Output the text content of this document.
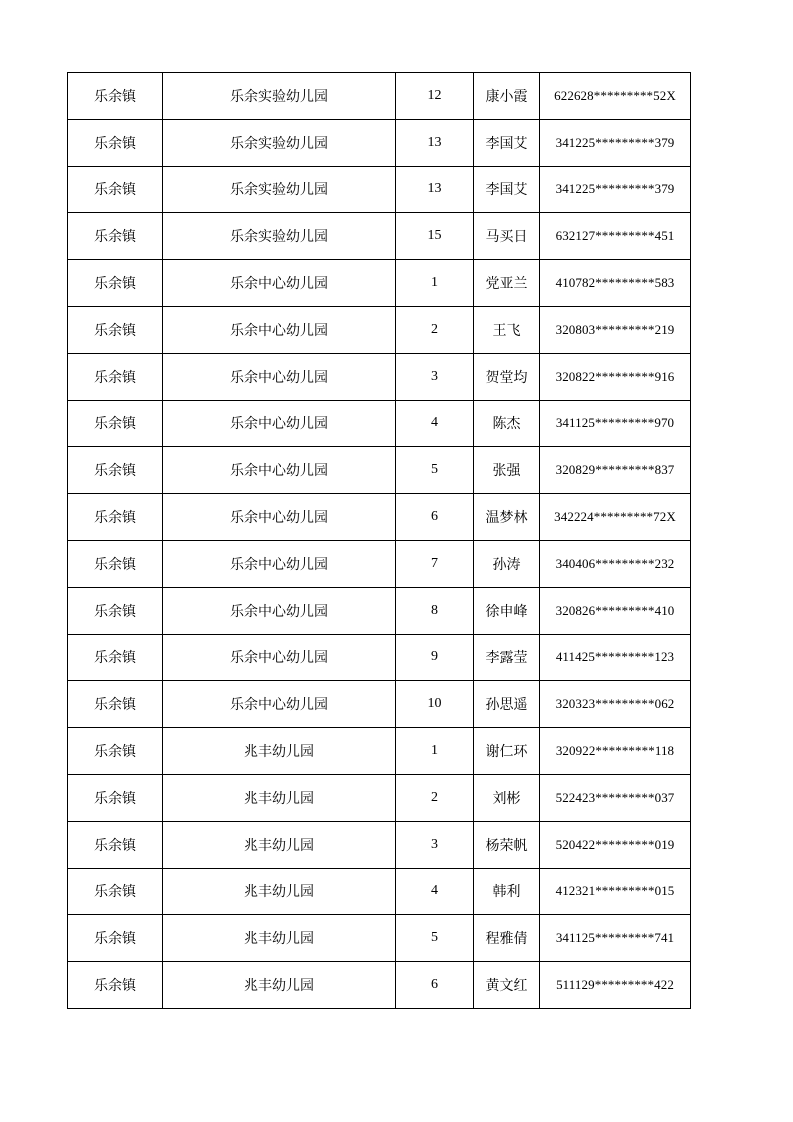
乐余镇	乐余实验幼儿园	12	康小霞	622628*********52X
乐余镇	乐余实验幼儿园	13	李国艾	341225*********379
乐余镇	乐余实验幼儿园	13	李国艾	341225*********379
乐余镇	乐余实验幼儿园	15	马买日	632127*********451
乐余镇	乐余中心幼儿园	1	党亚兰	410782*********583
乐余镇	乐余中心幼儿园	2	王飞	320803*********219
乐余镇	乐余中心幼儿园	3	贺堂均	320822*********916
乐余镇	乐余中心幼儿园	4	陈杰	341125*********970
乐余镇	乐余中心幼儿园	5	张强	320829*********837
乐余镇	乐余中心幼儿园	6	温梦林	342224*********72X
乐余镇	乐余中心幼儿园	7	孙涛	340406*********232
乐余镇	乐余中心幼儿园	8	徐申峰	320826*********410
乐余镇	乐余中心幼儿园	9	李露莹	411425*********123
乐余镇	乐余中心幼儿园	10	孙思遥	320323*********062
乐余镇	兆丰幼儿园	1	谢仁环	320922*********118
乐余镇	兆丰幼儿园	2	刘彬	522423*********037
乐余镇	兆丰幼儿园	3	杨荣帆	520422*********019
乐余镇	兆丰幼儿园	4	韩利	412321*********015
乐余镇	兆丰幼儿园	5	程雅倩	341125*********741
乐余镇	兆丰幼儿园	6	黄文红	511129*********422
